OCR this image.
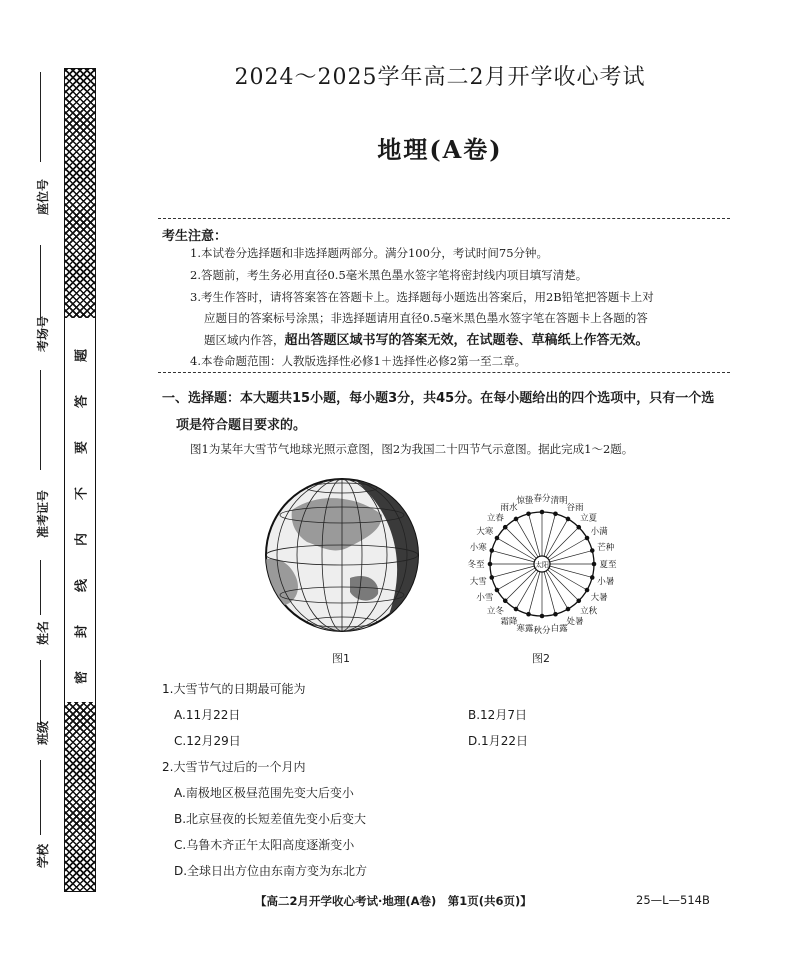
题
答
要
不
内
线
封
密
座位号
考场号
准考证号
姓名
班级
学校
2024～2025学年高二2月开学收心考试
地理(A卷)
考生注意：
1.本试卷分选择题和非选择题两部分。满分100分，考试时间75分钟。
2.答题前，考生务必用直径0.5毫米黑色墨水签字笔将密封线内项目填写清楚。
3.考生作答时，请将答案答在答题卡上。选择题每小题选出答案后，用2B铅笔把答题卡上对
应题目的答案标号涂黑；非选择题请用直径0.5毫米黑色墨水签字笔在答题卡上各题的答
题区域内作答，超出答题区域书写的答案无效，在试题卷、草稿纸上作答无效。
4.本卷命题范围：人教版选择性必修1＋选择性必修2第一至二章。
一、选择题：本大题共15小题，每小题3分，共45分。在每小题给出的四个选项中，只有一个选
项是符合题目要求的。
图1为某年大雪节气地球光照示意图，图2为我国二十四节气示意图。据此完成1～2题。
图1
春分 清明
谷雨
立夏
小满
芒种
夏至
小暑
大暑
立秋
处暑
白露
秋分
寒露
霜降
立冬
小雪
大雪
冬至
小寒
大寒
立春
雨水
惊蛰
太阳
图2
1.大雪节气的日期最可能为
A.11月22日	B.12月7日
C.12月29日	D.1月22日
2.大雪节气过后的一个月内
A.南极地区极昼范围先变大后变小
B.北京昼夜的长短差值先变小后变大
C.乌鲁木齐正午太阳高度逐渐变小
D.全球日出方位由东南方变为东北方
【高二2月开学收心考试·地理(A卷)　第1页(共6页)】	25—L—514B
